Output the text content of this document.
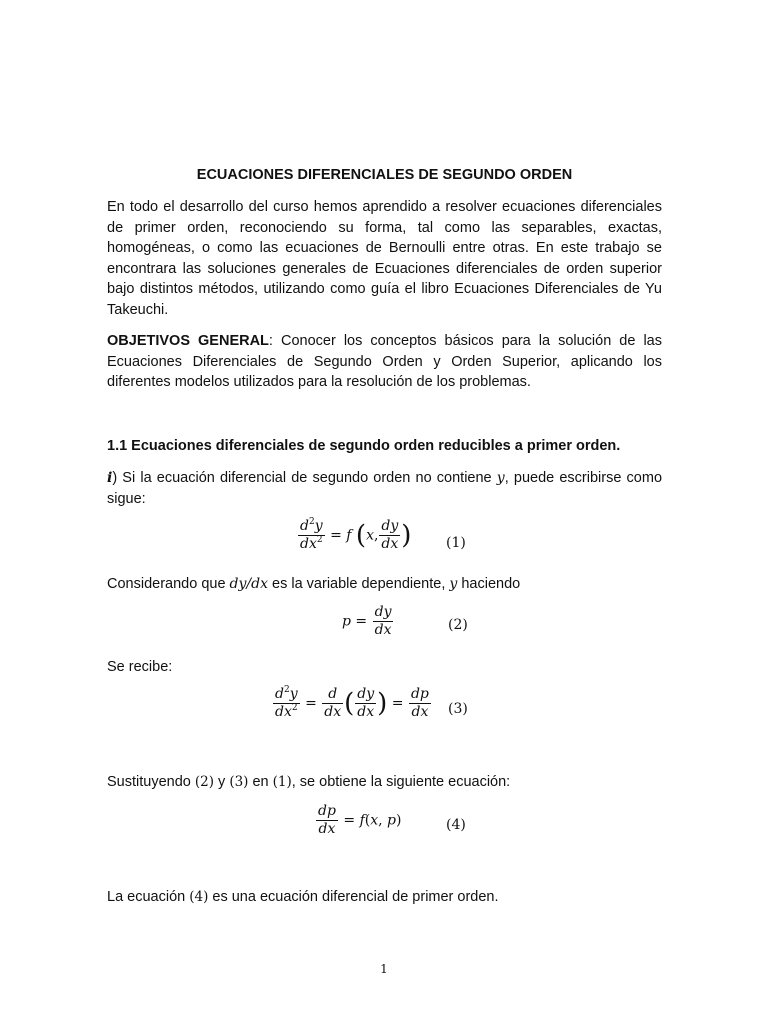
ECUACIONES DIFERENCIALES DE SEGUNDO ORDEN
En todo el desarrollo del curso hemos aprendido a resolver ecuaciones diferenciales de primer orden, reconociendo su forma, tal como las separables, exactas, homogéneas, o como las ecuaciones de Bernoulli entre otras. En este trabajo se encontrara las soluciones generales de Ecuaciones diferenciales de orden superior bajo distintos métodos, utilizando como guía el libro Ecuaciones Diferenciales de Yu Takeuchi.
OBJETIVOS GENERAL: Conocer los conceptos básicos para la solución de las Ecuaciones Diferenciales de Segundo Orden y Orden Superior, aplicando los diferentes modelos utilizados para la resolución de los problemas.
1.1 Ecuaciones diferenciales de segundo orden reducibles a primer orden.
i) Si la ecuación diferencial de segundo orden no contiene y, puede escribirse como sigue:
$\frac{d^2y}{dx^2} = f$ (x, $\frac{dy}{dx}$ ) (1)
Considerando que dy/dx es la variable dependiente, y haciendo
$p = \frac{dy}{dx}$	(2)
Se recibe:
$\frac{d^2y}{dx^2} = \frac{d}{dx}$ ( $\frac{dy}{dx}$ ) = $\frac{dp}{dx} (3)$
Sustituyendo (2) y (3) en (1), se obtiene la siguiente ecuación:
$\frac{dp}{dx} = f(x$, p)	(4)
La ecuación (4) es una ecuación diferencial de primer orden.
1
